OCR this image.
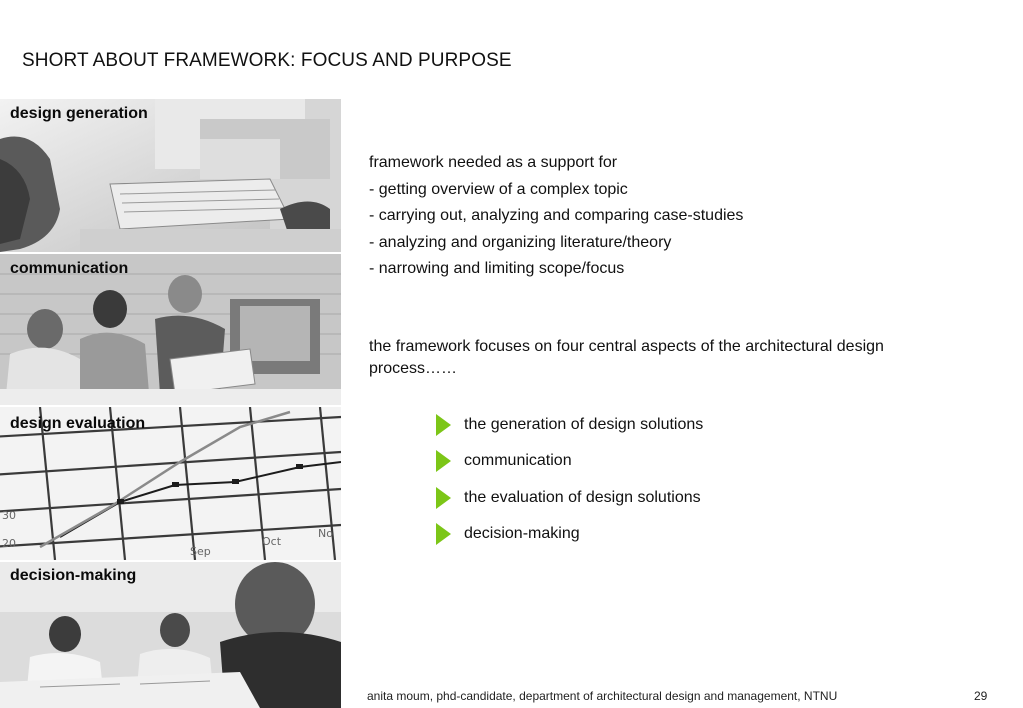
SHORT ABOUT FRAMEWORK: FOCUS AND PURPOSE
design generation
communication
30
20
Sep
Oct
No
design evaluation
decision-making
framework needed as a support for
- getting overview of a complex topic
- carrying out, analyzing and comparing case-studies
- analyzing and organizing literature/theory
- narrowing and limiting scope/focus
the framework focuses on four central aspects of the architectural design process……
the generation of design solutions
communication
the evaluation of design solutions
decision-making
anita moum, phd-candidate, department of architectural design and management, NTNU	29
